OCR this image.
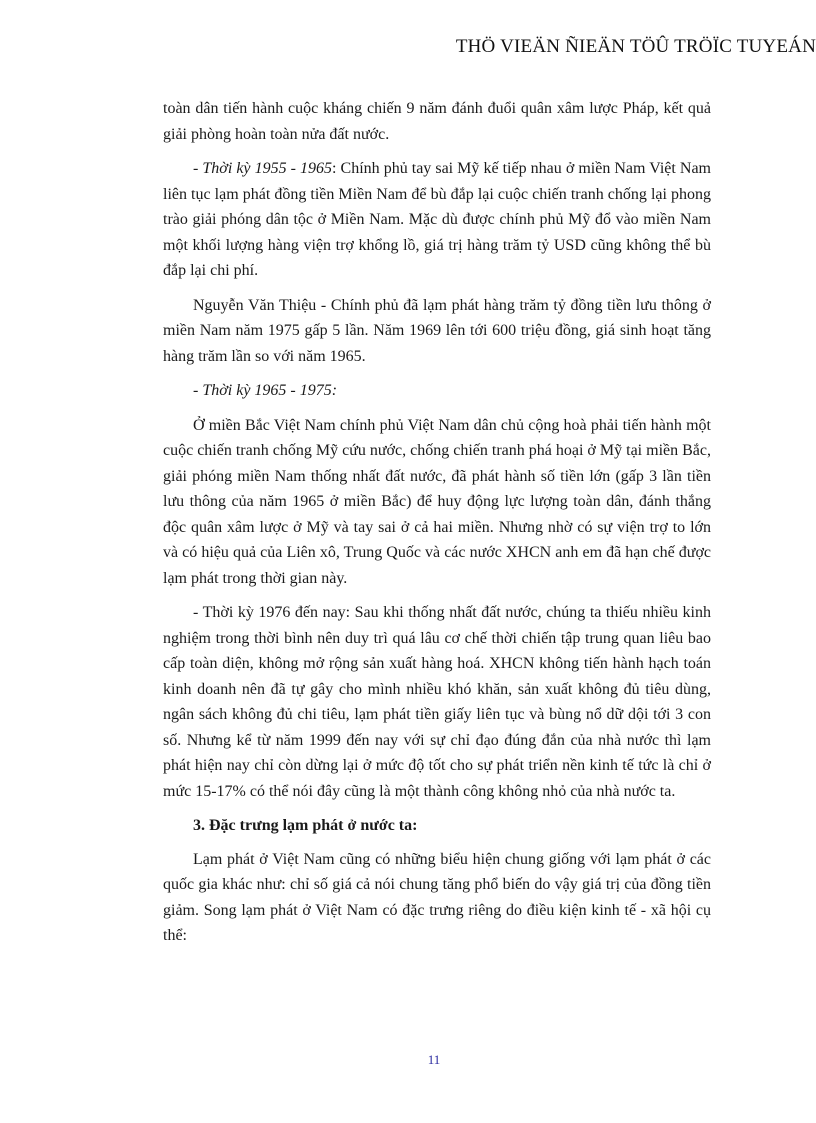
THÖ VIEÄN ÑIEÄN TÖÛ TRÖÏC TUYEÁN

toàn dân tiến hành cuộc kháng chiến 9 năm đánh đuổi quân xâm lược Pháp, kết quả giải phòng hoàn toàn nửa đất nước.

- Thời kỳ 1955 - 1965: Chính phủ tay sai Mỹ kế tiếp nhau ở miền Nam Việt Nam liên tục lạm phát đồng tiền Miền Nam để bù đắp lại cuộc chiến tranh chống lại phong trào giải phóng dân tộc ở Miền Nam. Mặc dù được chính phủ Mỹ đổ vào miền Nam một khối lượng hàng viện trợ khổng lồ, giá trị hàng trăm tỷ USD cũng không thể bù đắp lại chi phí.

Nguyễn Văn Thiệu - Chính phủ đã lạm phát hàng trăm tỷ đồng tiền lưu thông ở miền Nam năm 1975 gấp 5 lần. Năm 1969 lên tới 600 triệu đồng, giá sinh hoạt tăng hàng trăm lần so với năm 1965.

- Thời kỳ 1965 - 1975:

Ở miền Bắc Việt Nam chính phủ Việt Nam dân chủ cộng hoà phải tiến hành một cuộc chiến tranh chống Mỹ cứu nước, chống chiến tranh phá hoại ở Mỹ tại miền Bắc, giải phóng miền Nam thống nhất đất nước, đã phát hành số tiền lớn (gấp 3 lần tiền lưu thông của năm 1965 ở miền Bắc) để huy động lực lượng toàn dân, đánh thắng độc quân xâm lược ở Mỹ và tay sai ở cả hai miền. Nhưng nhờ có sự viện trợ to lớn và có hiệu quả của Liên xô, Trung Quốc và các nước XHCN anh em đã hạn chế được lạm phát trong thời gian này.

- Thời kỳ 1976 đến nay: Sau khi thống nhất đất nước, chúng ta thiếu nhiều kinh nghiệm trong thời bình nên duy trì quá lâu cơ chế thời chiến tập trung quan liêu bao cấp toàn diện, không mở rộng sản xuất hàng hoá. XHCN không tiến hành hạch toán kinh doanh nên đã tự gây cho mình nhiều khó khăn, sản xuất không đủ tiêu dùng, ngân sách không đủ chi tiêu, lạm phát tiền giấy liên tục và bùng nổ dữ dội tới 3 con số. Nhưng kể từ năm 1999 đến nay với sự chỉ đạo đúng đắn của nhà nước thì lạm phát hiện nay chỉ còn dừng lại ở mức độ tốt cho sự phát triển nền kinh tế tức là chỉ ở mức 15-17% có thể nói đây cũng là một thành công không nhỏ của nhà nước ta.

3. Đặc trưng lạm phát ở nước ta:

Lạm phát ở Việt Nam cũng có những biểu hiện chung giống với lạm phát ở các quốc gia khác như: chỉ số giá cả nói chung tăng phổ biến do vậy giá trị của đồng tiền giảm. Song lạm phát ở Việt Nam có đặc trưng riêng do điều kiện kinh tế - xã hội cụ thể:

11
